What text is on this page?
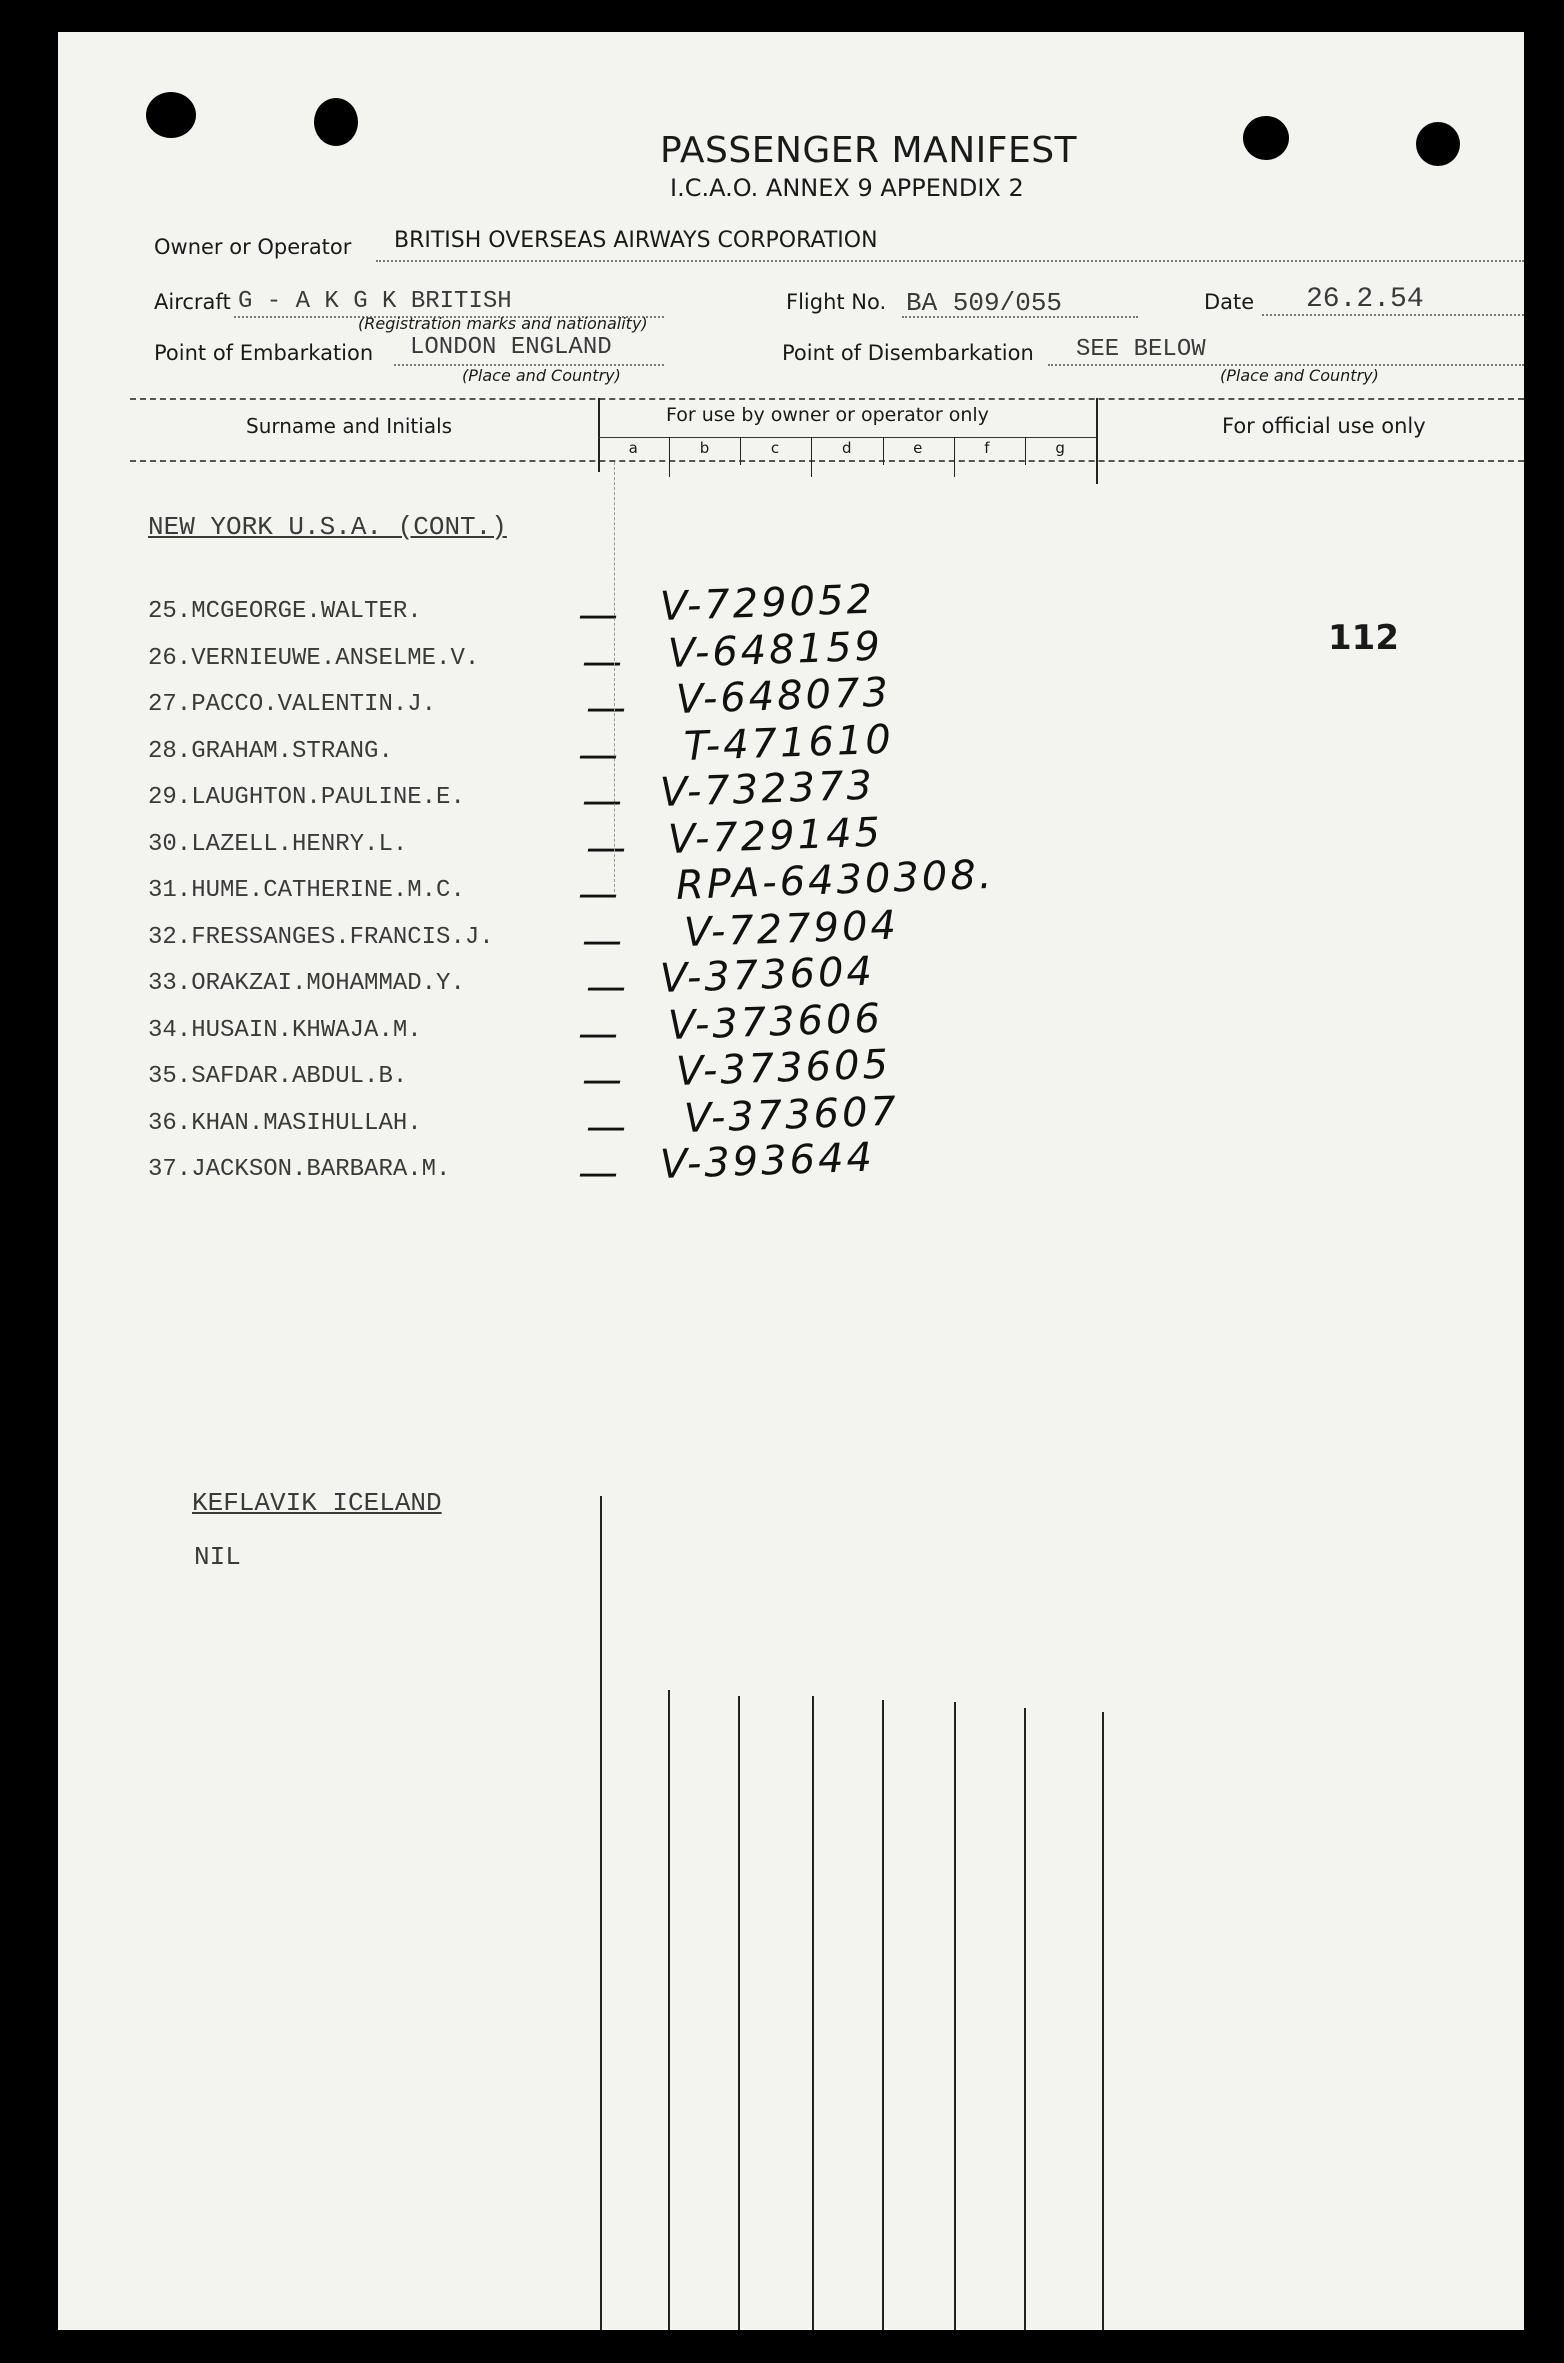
PASSENGER MANIFEST
I.C.A.O. ANNEX 9 APPENDIX 2
Owner or Operator BRITISH OVERSEAS AIRWAYS CORPORATION
Aircraft G - A K G K BRITISH
(Registration marks and nationality)
Flight No. BA 509/055	Date 26.2.54
Point of Embarkation LONDON ENGLAND
(Place and Country)
Point of Disembarkation SEE BELOW
(Place and Country)
Surname and Initials	For use by owner or operator only	For official use only
a	b	c	d	e	f	g
NEW YORK U.S.A. (CONT.)
112
25.MCGEORGE.WALTER.	— V-729052
26.VERNIEUWE.ANSELME.V.	— V-648159
27.PACCO.VALENTIN.J.	— V-648073
28.GRAHAM.STRANG.	— T-471610
29.LAUGHTON.PAULINE.E.	— V-732373
30.LAZELL.HENRY.L.	— V-729145
31.HUME.CATHERINE.M.C.	— RPA-6430308.
32.FRESSANGES.FRANCIS.J. — V-727904
33.ORAKZAI.MOHAMMAD.Y.	— V-373604
34.HUSAIN.KHWAJA.M.	— V-373606
35.SAFDAR.ABDUL.B.	— V-373605
36.KHAN.MASIHULLAH.	— V-373607
37.JACKSON.BARBARA.M.	— V-393644
KEFLAVIK ICELAND
NIL
